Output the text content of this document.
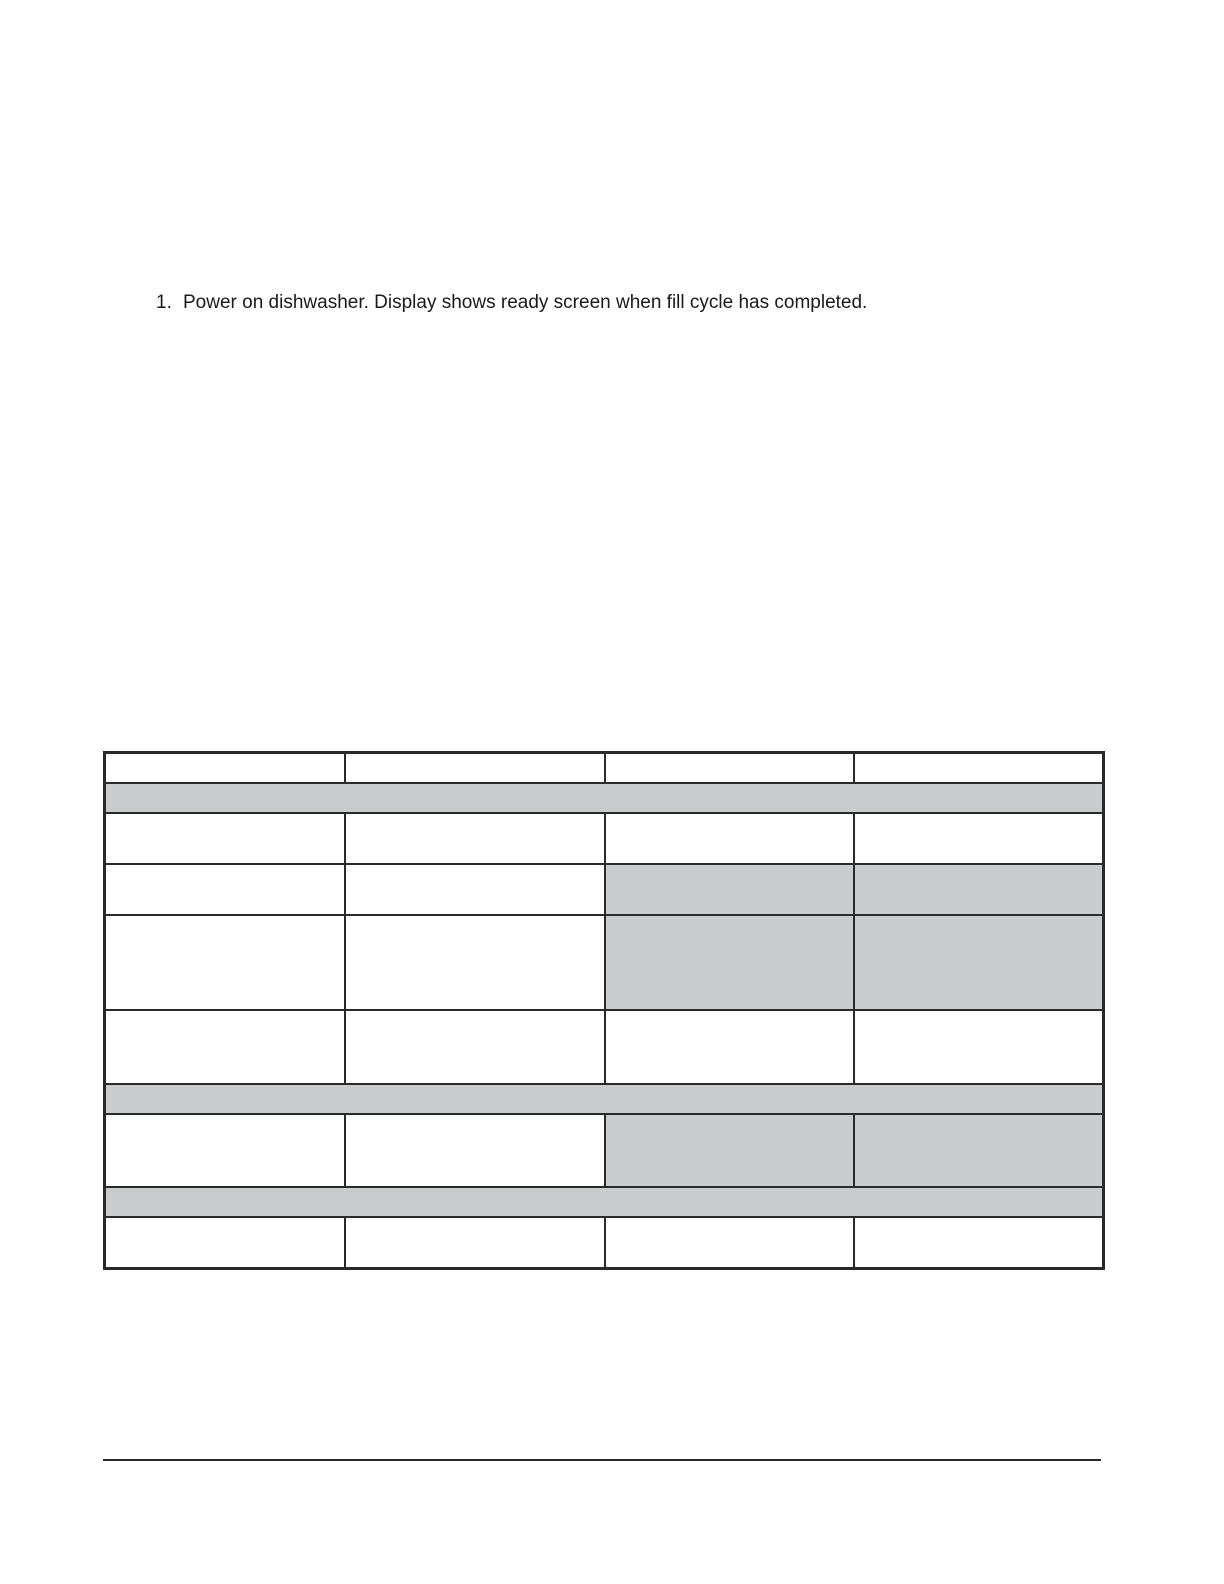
1. Power on dishwasher. Display shows ready screen when fill cycle has completed.
